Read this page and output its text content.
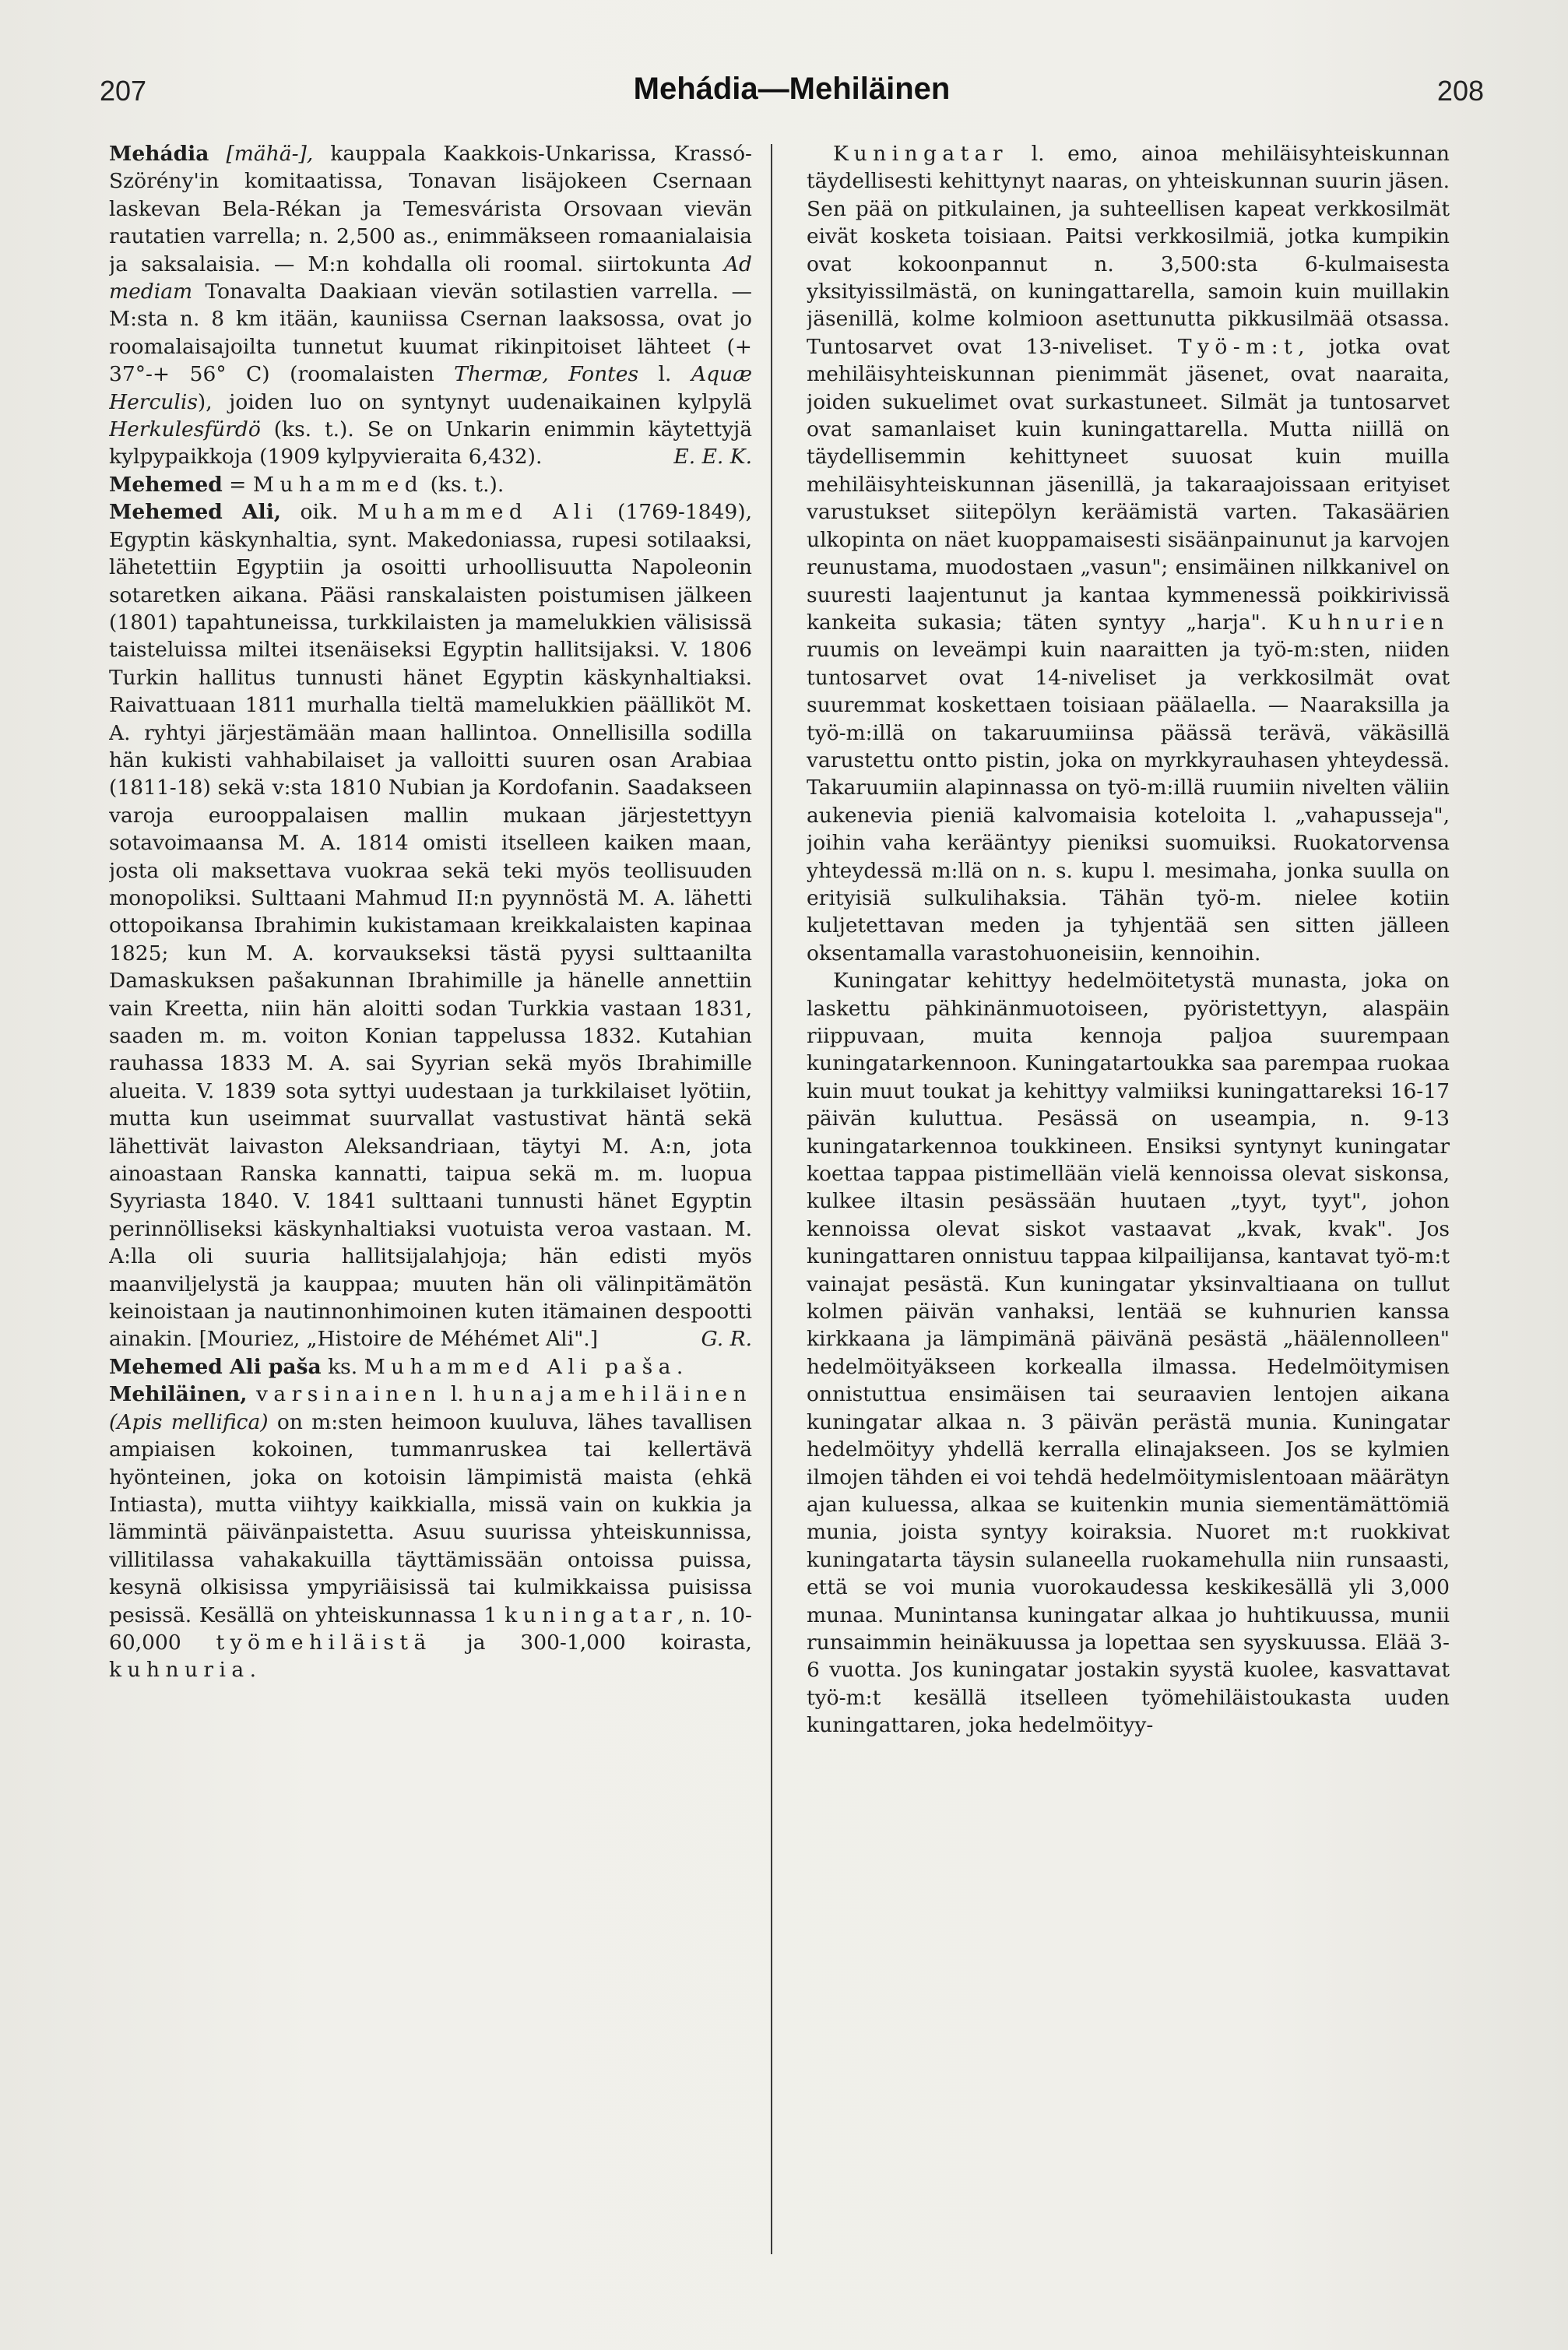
207	Mehádia—Mehiläinen	208

Mehádia [mähä-], kauppala Kaakkois-Unkarissa, Krassó-Szörény'in komitaatissa, Tonavan lisäjokeen Csernaan laskevan Bela-Rékan ja Temesvárista Orsovaan vievän rautatien varrella; n. 2,500 as., enimmäkseen romaanialaisia ja saksalaisia. — M:n kohdalla oli roomal. siirtokunta Ad mediam Tonavalta Daakiaan vievän sotilastien varrella. — M:sta n. 8 km itään, kauniissa Csernan laaksossa, ovat jo roomalaisajoilta tunnetut kuumat rikinpitoiset lähteet (+ 37°-+ 56° C) (roomalaisten Thermæ, Fontes l. Aquæ Herculis), joiden luo on syntynyt uudenaikainen kylpylä Herkulesfürdö (ks. t.). Se on Unkarin enimmin käytettyjä kylpypaikkoja (1909 kylpyvieraita 6,432).	E. E. K.

Mehemed = Muhammed (ks. t.).

Mehemed Ali, oik. Muhammed Ali (1769-1849), Egyptin käskynhaltia, synt. Makedoniassa, rupesi sotilaaksi, lähetettiin Egyptiin ja osoitti urhoollisuutta Napoleonin sotaretken aikana. Pääsi ranskalaisten poistumisen jälkeen (1801) tapahtuneissa, turkkilaisten ja mamelukkien välisissä taisteluissa miltei itsenäiseksi Egyptin hallitsijaksi. V. 1806 Turkin hallitus tunnusti hänet Egyptin käskynhaltiaksi. Raivattuaan 1811 murhalla tieltä mamelukkien päälliköt M. A. ryhtyi järjestämään maan hallintoa. Onnellisilla sodilla hän kukisti vahhabilaiset ja valloitti suuren osan Arabiaa (1811-18) sekä v:sta 1810 Nubian ja Kordofanin. Saadakseen varoja eurooppalaisen mallin mukaan järjestettyyn sotavoimaansa M. A. 1814 omisti itselleen kaiken maan, josta oli maksettava vuokraa sekä teki myös teollisuuden monopoliksi. Sulttaani Mahmud II:n pyynnöstä M. A. lähetti ottopoikansa Ibrahimin kukistamaan kreikkalaisten kapinaa 1825; kun M. A. korvaukseksi tästä pyysi sulttaanilta Damaskuksen pašakunnan Ibrahimille ja hänelle annettiin vain Kreetta, niin hän aloitti sodan Turkkia vastaan 1831, saaden m. m. voiton Konian tappelussa 1832. Kutahian rauhassa 1833 M. A. sai Syyrian sekä myös Ibrahimille alueita. V. 1839 sota syttyi uudestaan ja turkkilaiset lyötiin, mutta kun useimmat suurvallat vastustivat häntä sekä lähettivät laivaston Aleksandriaan, täytyi M. A:n, jota ainoastaan Ranska kannatti, taipua sekä m. m. luopua Syyriasta 1840. V. 1841 sulttaani tunnusti hänet Egyptin perinnölliseksi käskynhaltiaksi vuotuista veroa vastaan. M. A:lla oli suuria hallitsijalahjoja; hän edisti myös maanviljelystä ja kauppaa; muuten hän oli välinpitämätön keinoistaan ja nautinnonhimoinen kuten itämainen despootti ainakin. [Mouriez, „Histoire de Méhémet Ali".]	G. R.

Mehemed Ali paša ks. Muhammed Ali paša.

Mehiläinen, varsinainen l. hunajamehiläinen (Apis mellifica) on m:sten heimoon kuuluva, lähes tavallisen ampiaisen kokoinen, tummanruskea tai kellertävä hyönteinen, joka on kotoisin lämpimistä maista (ehkä Intiasta), mutta viihtyy kaikkialla, missä vain on kukkia ja lämmintä päivänpaistetta. Asuu suurissa yhteiskunnissa, villitilassa vahakakuilla täyttämissään ontoissa puissa, kesynä olkisissa ympyriäisissä tai kulmikkaissa puisissa pesissä. Kesällä on yhteiskunnassa 1 kuningatar, n. 10-60,000 työmehiläistä ja 300-1,000 koirasta, kuhnuria.

Kuningatar l. emo, ainoa mehiläisyhteiskunnan täydellisesti kehittynyt naaras, on yhteiskunnan suurin jäsen. Sen pää on pitkulainen, ja suhteellisen kapeat verkkosilmät eivät kosketa toisiaan. Paitsi verkkosilmiä, jotka kumpikin ovat kokoonpannut n. 3,500:sta 6-kulmaisesta yksityissilmästä, on kuningattarella, samoin kuin muillakin jäsenillä, kolme kolmioon asettunutta pikkusilmää otsassa. Tuntosarvet ovat 13-niveliset. Työ-m:t, jotka ovat mehiläisyhteiskunnan pienimmät jäsenet, ovat naaraita, joiden sukuelimet ovat surkastuneet. Silmät ja tuntosarvet ovat samanlaiset kuin kuningattarella. Mutta niillä on täydellisemmin kehittyneet suuosat kuin muilla mehiläisyhteiskunnan jäsenillä, ja takaraajoissaan erityiset varustukset siitepölyn keräämistä varten. Takasäärien ulkopinta on näet kuoppamaisesti sisäänpainunut ja karvojen reunustama, muodostaen „vasun"; ensimäinen nilkkanivel on suuresti laajentunut ja kantaa kymmenessä poikkirivissä kankeita sukasia; täten syntyy „harja". Kuhnurien ruumis on leveämpi kuin naaraitten ja työ-m:sten, niiden tuntosarvet ovat 14-niveliset ja verkkosilmät ovat suuremmat koskettaen toisiaan päälaella. — Naaraksilla ja työ-m:illä on takaruumiinsa päässä terävä, väkäsillä varustettu ontto pistin, joka on myrkkyrauhasen yhteydessä. Takaruumiin alapinnassa on työ-m:illä ruumiin nivelten väliin aukenevia pieniä kalvomaisia koteloita l. „vahapusseja", joihin vaha kerääntyy pieniksi suomuiksi. Ruokatorvensa yhteydessä m:llä on n. s. kupu l. mesimaha, jonka suulla on erityisiä sulkulihaksia. Tähän työ-m. nielee kotiin kuljetettavan meden ja tyhjentää sen sitten jälleen oksentamalla varastohuoneisiin, kennoihin.

Kuningatar kehittyy hedelmöitetystä munasta, joka on laskettu pähkinänmuotoiseen, pyöristettyyn, alaspäin riippuvaan, muita kennoja paljoa suurempaan kuningatarkennoon. Kuningatartoukka saa parempaa ruokaa kuin muut toukat ja kehittyy valmiiksi kuningattareksi 16-17 päivän kuluttua. Pesässä on useampia, n. 9-13 kuningatarkennoa toukkineen. Ensiksi syntynyt kuningatar koettaa tappaa pistimellään vielä kennoissa olevat siskonsa, kulkee iltasin pesässään huutaen „tyyt, tyyt", johon kennoissa olevat siskot vastaavat „kvak, kvak". Jos kuningattaren onnistuu tappaa kilpailijansa, kantavat työ-m:t vainajat pesästä. Kun kuningatar yksinvaltiaana on tullut kolmen päivän vanhaksi, lentää se kuhnurien kanssa kirkkaana ja lämpimänä päivänä pesästä „häälennolleen" hedelmöityäkseen korkealla ilmassa. Hedelmöitymisen onnistuttua ensimäisen tai seuraavien lentojen aikana kuningatar alkaa n. 3 päivän perästä munia. Kuningatar hedelmöityy yhdellä kerralla elinajakseen. Jos se kylmien ilmojen tähden ei voi tehdä hedelmöitymislentoaan määrätyn ajan kuluessa, alkaa se kuitenkin munia siementämättömiä munia, joista syntyy koiraksia. Nuoret m:t ruokkivat kuningatarta täysin sulaneella ruokamehulla niin runsaasti, että se voi munia vuorokaudessa keskikesällä yli 3,000 munaa. Munintansa kuningatar alkaa jo huhtikuussa, munii runsaimmin heinäkuussa ja lopettaa sen syyskuussa. Elää 3-6 vuotta. Jos kuningatar jostakin syystä kuolee, kasvattavat työ-m:t kesällä itselleen työmehiläistoukasta uuden kuningattaren, joka hedelmöityy-
